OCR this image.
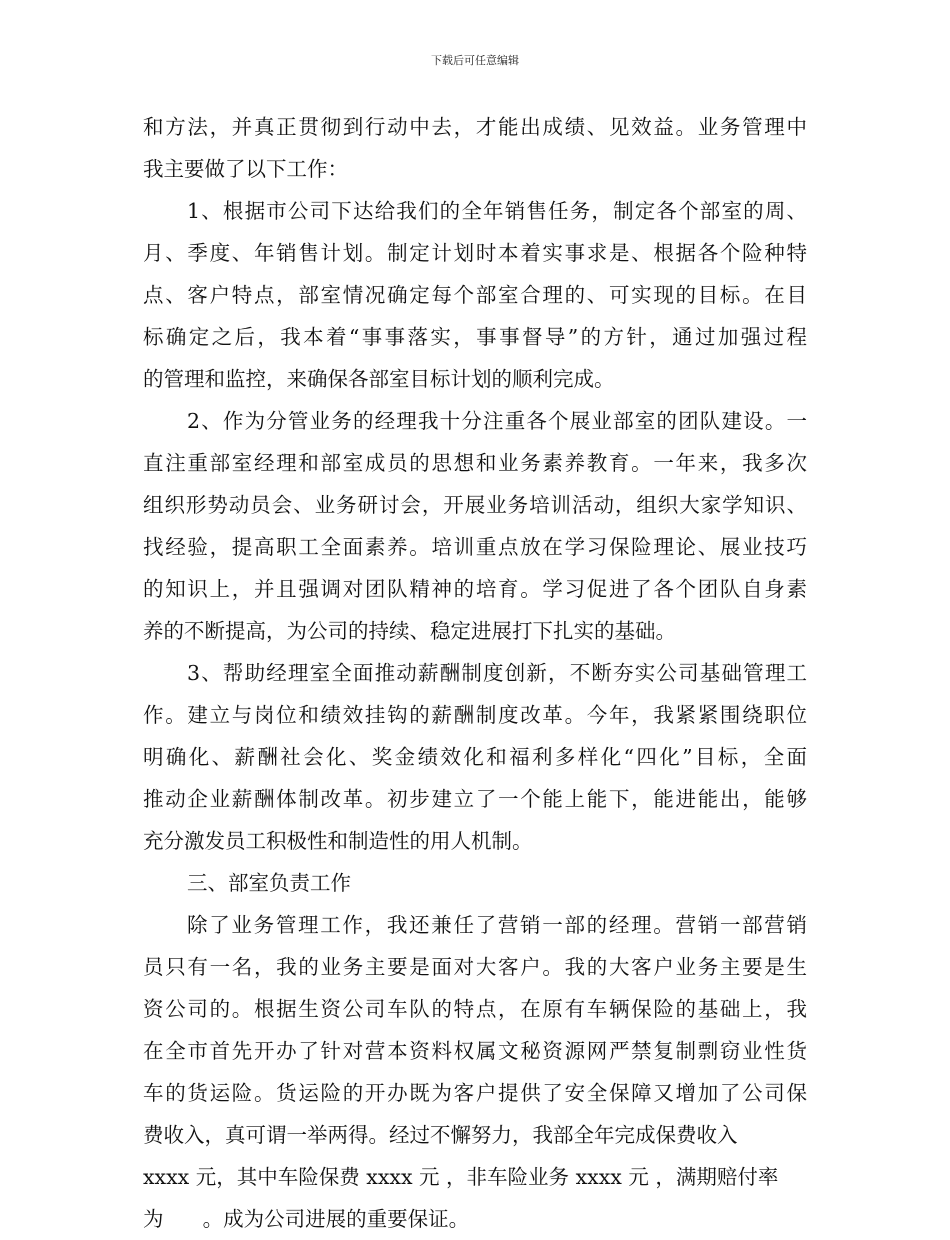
下载后可任意编辑
和方法，并真正贯彻到行动中去，才能出成绩、见效益。业务管理中
我主要做了以下工作：
1、根据市公司下达给我们的全年销售任务，制定各个部室的周、
月、季度、年销售计划。制定计划时本着实事求是、根据各个险种特
点、客户特点，部室情况确定每个部室合理的、可实现的目标。在目
标确定之后，我本着“事事落实，事事督导”的方针，通过加强过程
的管理和监控，来确保各部室目标计划的顺利完成。
2、作为分管业务的经理我十分注重各个展业部室的团队建设。一
直注重部室经理和部室成员的思想和业务素养教育。一年来，我多次
组织形势动员会、业务研讨会，开展业务培训活动，组织大家学知识、
找经验，提高职工全面素养。培训重点放在学习保险理论、展业技巧
的知识上，并且强调对团队精神的培育。学习促进了各个团队自身素
养的不断提高，为公司的持续、稳定进展打下扎实的基础。
3、帮助经理室全面推动薪酬制度创新，不断夯实公司基础管理工
作。建立与岗位和绩效挂钩的薪酬制度改革。今年，我紧紧围绕职位
明确化、薪酬社会化、奖金绩效化和福利多样化“四化”目标，全面
推动企业薪酬体制改革。初步建立了一个能上能下，能进能出，能够
充分激发员工积极性和制造性的用人机制。
三、部室负责工作
除了业务管理工作，我还兼任了营销一部的经理。营销一部营销
员只有一名，我的业务主要是面对大客户。我的大客户业务主要是生
资公司的。根据生资公司车队的特点，在原有车辆保险的基础上，我
在全市首先开办了针对营本资料权属文秘资源网严禁复制剽窃业性货
车的货运险。货运险的开办既为客户提供了安全保障又增加了公司保
费收入，真可谓一举两得。经过不懈努力，我部全年完成保费收入
xxxx 元，其中车险保费 xxxx 元 ，非车险业务 xxxx 元 ，满期赔付率
为      。成为公司进展的重要保证。
